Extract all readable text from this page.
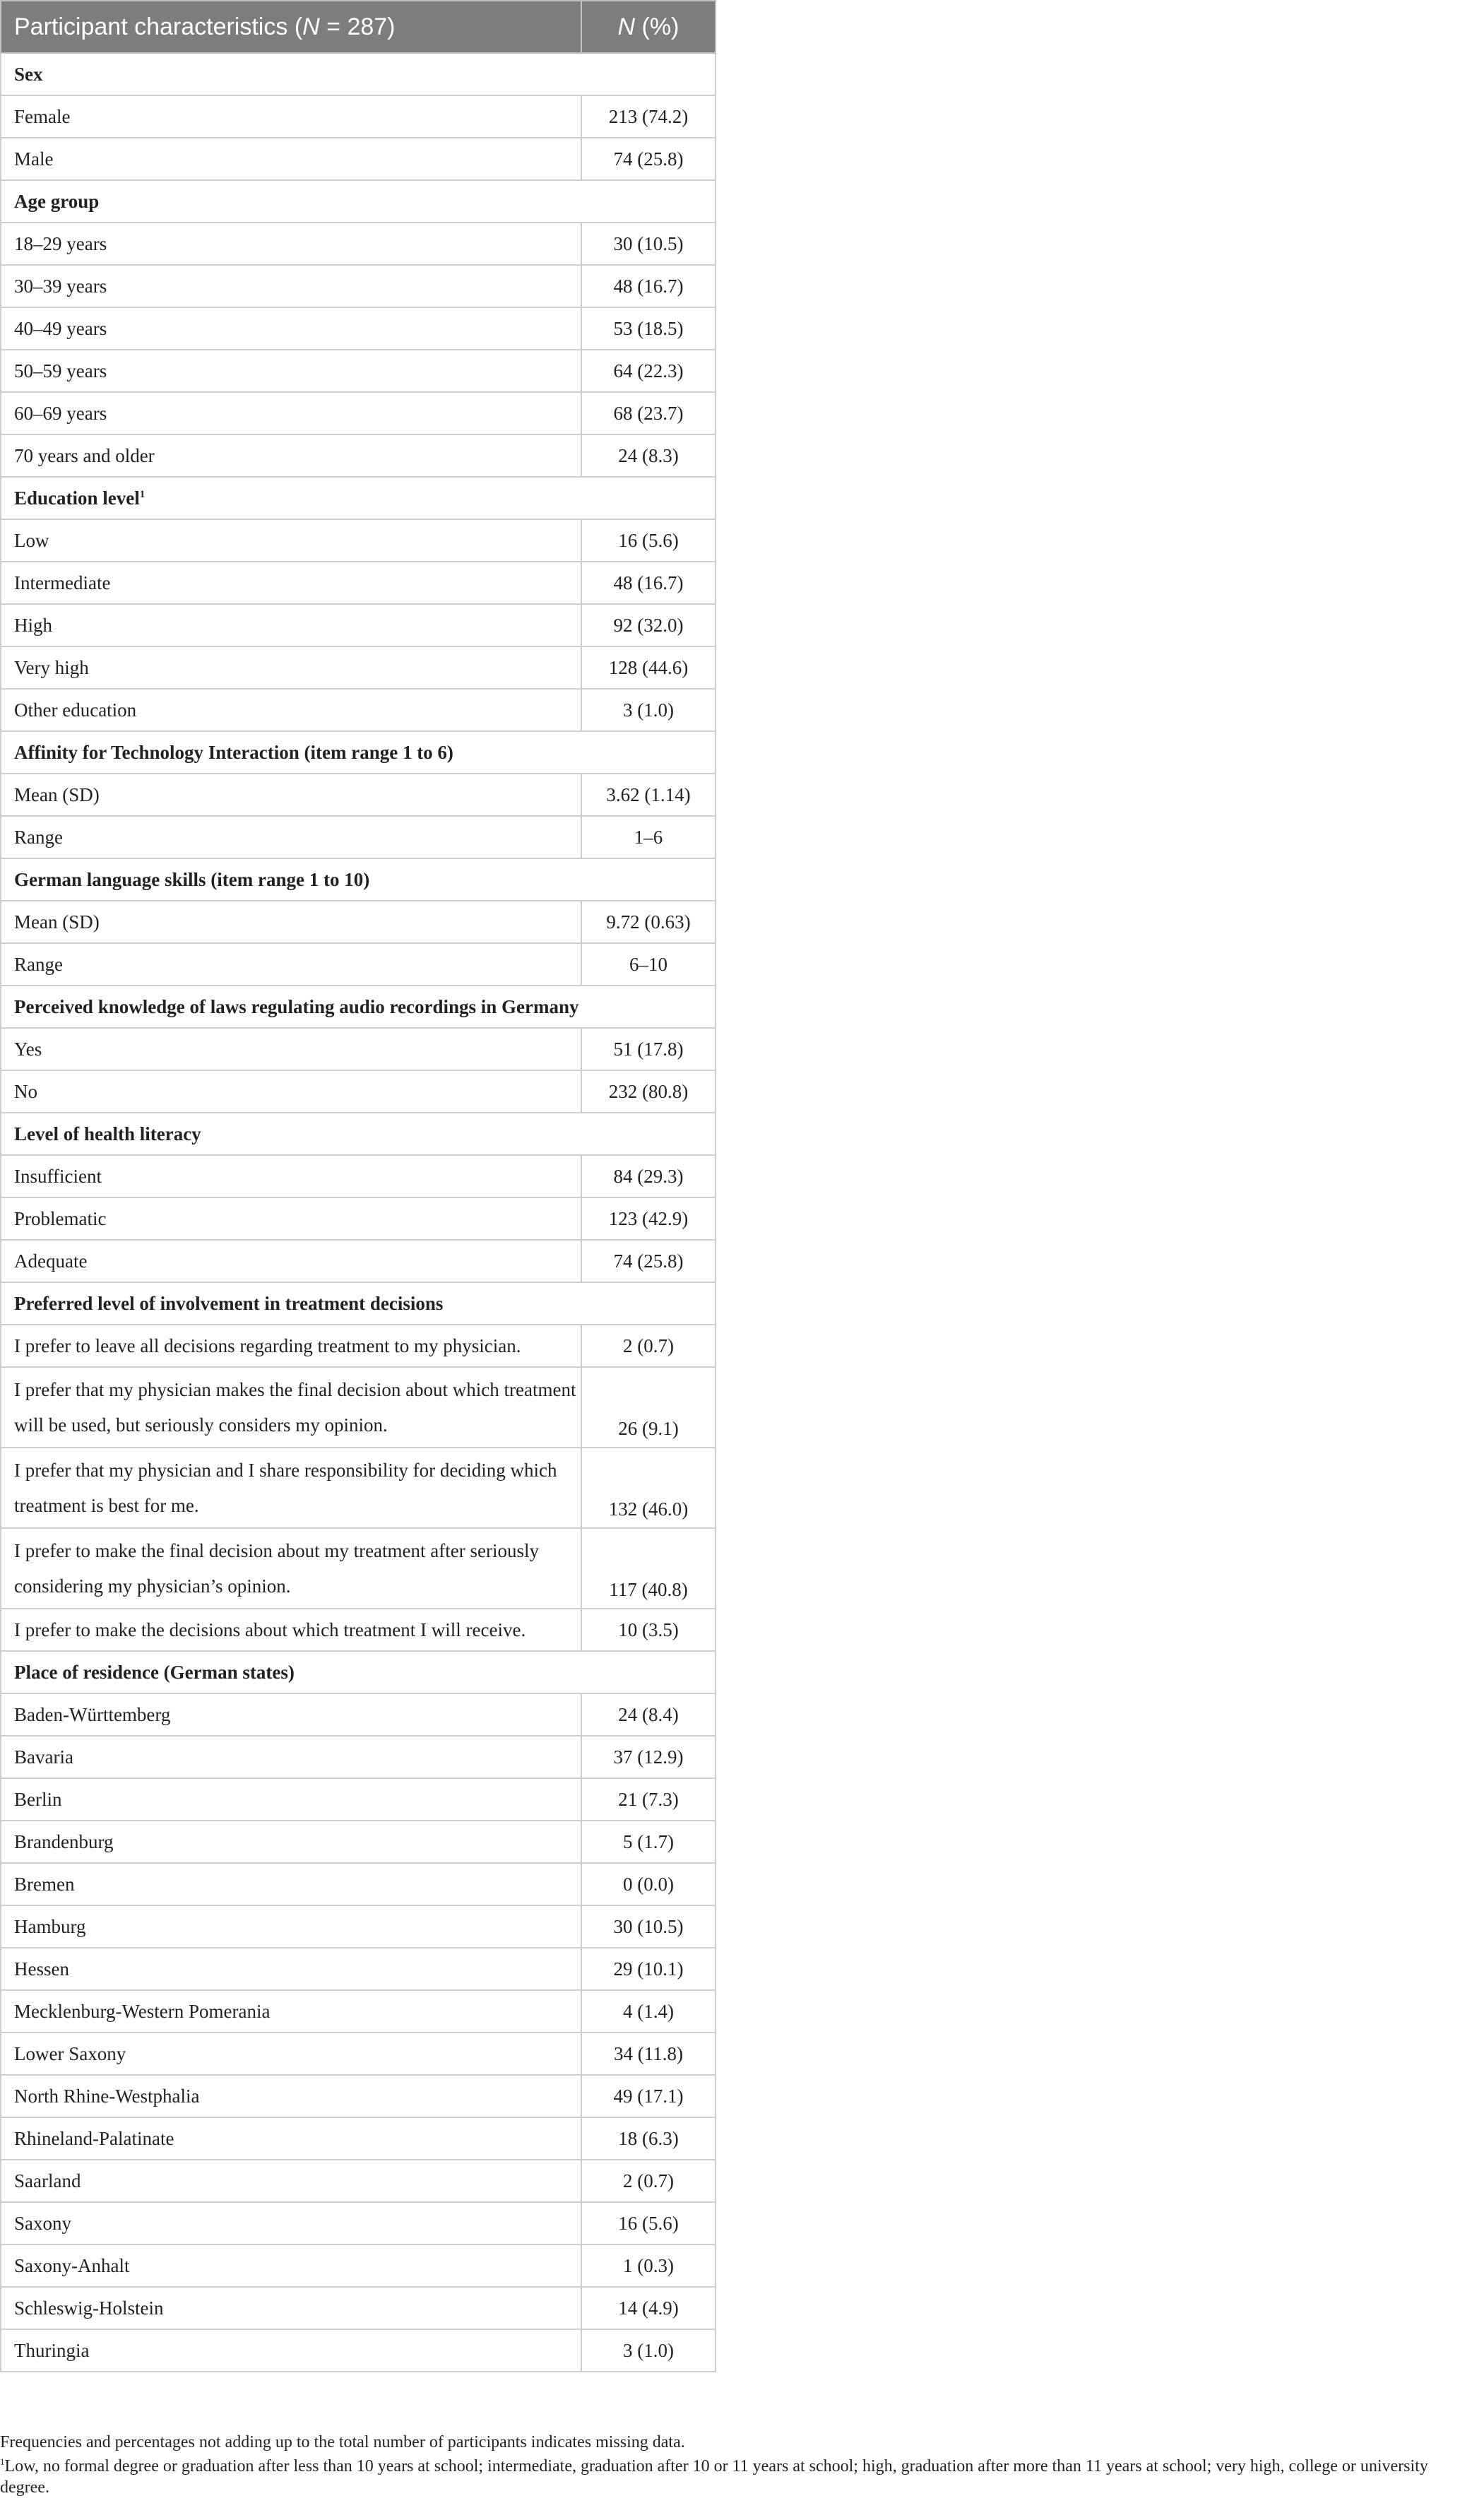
Participant characteristics (N = 287)	N (%)
Sex	
Female	213 (74.2)
Male	74 (25.8)
Age group	
18–29 years	30 (10.5)
30–39 years	48 (16.7)
40–49 years	53 (18.5)
50–59 years	64 (22.3)
60–69 years	68 (23.7)
70 years and older	24 (8.3)
Education level$^1$
Low	16 (5.6)
Intermediate	48 (16.7)
High	92 (32.0)
Very high	128 (44.6)
Other education	3 (1.0)
Affinity for Technology Interaction (item range 1 to 6)	
Mean (SD)	3.62 (1.14)
Range	1–6
German language skills (item range 1 to 10)	
Mean (SD)	9.72 (0.63)
Range	6–10
Perceived knowledge of laws regulating audio recordings in Germany	
Yes	51 (17.8)
No	232 (80.8)
Level of health literacy	
Insufficient	84 (29.3)
Problematic	123 (42.9)
Adequate	74 (25.8)
Preferred level of involvement in treatment decisions	
I prefer to leave all decisions regarding treatment to my physician.	2 (0.7)
I prefer that my physician makes the final decision about which treatment will be used, but seriously considers my opinion.	26 (9.1)
I prefer that my physician and I share responsibility for deciding which treatment is best for me.	132 (46.0)
I prefer to make the final decision about my treatment after seriously considering my physician’s opinion.	117 (40.8)
I prefer to make the decisions about which treatment I will receive.	10 (3.5)
Place of residence (German states)	
Baden-Württemberg	24 (8.4)
Bavaria	37 (12.9)
Berlin	21 (7.3)
Brandenburg	5 (1.7)
Bremen	0 (0.0)
Hamburg	30 (10.5)
Hessen	29 (10.1)
Mecklenburg-Western Pomerania	4 (1.4)
Lower Saxony	34 (11.8)
North Rhine-Westphalia	49 (17.1)
Rhineland-Palatinate	18 (6.3)
Saarland	2 (0.7)
Saxony	16 (5.6)
Saxony-Anhalt	1 (0.3)
Schleswig-Holstein	14 (4.9)
Thuringia	3 (1.0)

Frequencies and percentages not adding up to the total number of participants indicates missing data.

$^1$Low, no formal degree or graduation after less than 10 years at school; intermediate, graduation after 10 or 11 years at school; high, graduation after more than 11 years at school; very high, college or university degree.
